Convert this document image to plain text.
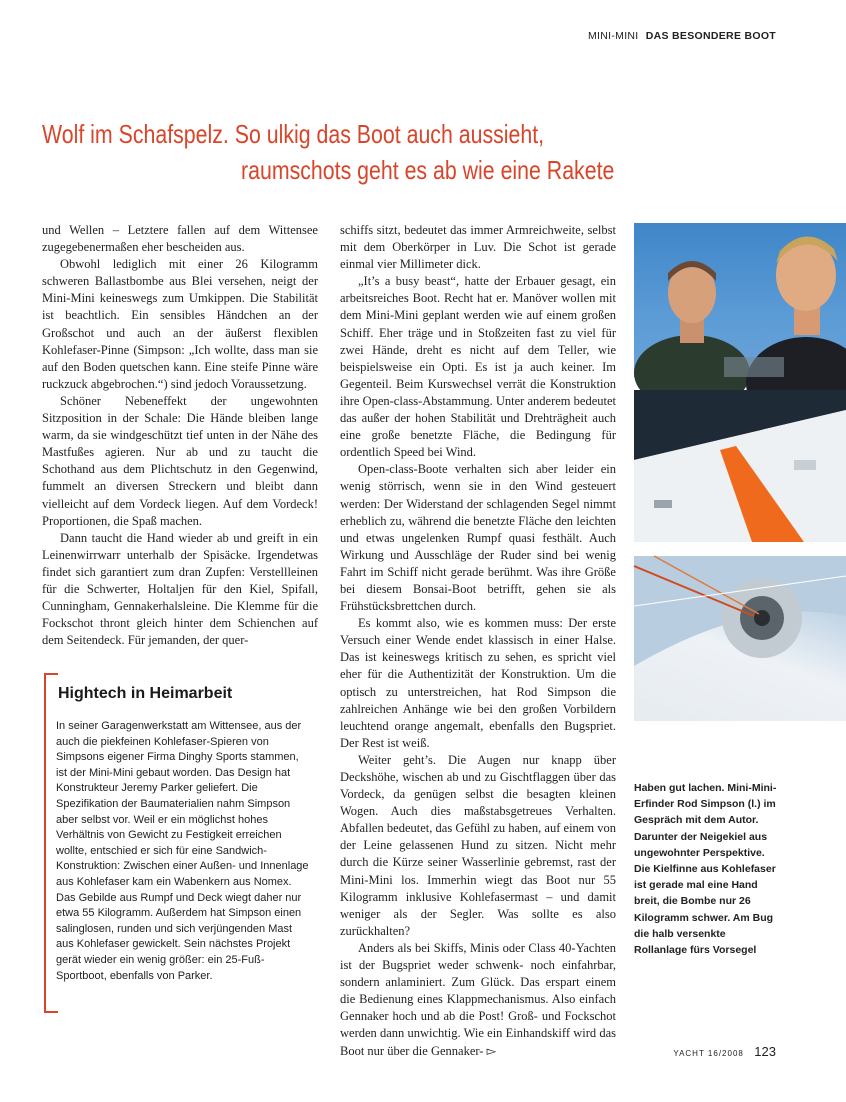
MINI-MINI DAS BESONDERE BOOT
Wolf im Schafspelz. So ulkig das Boot auch aussieht,
raumschots geht es ab wie eine Rakete

und Wellen – Letztere fallen auf dem Wittensee zugegebenermaßen eher bescheiden aus.

Obwohl lediglich mit einer 26 Kilogramm schweren Ballastbombe aus Blei versehen, neigt der Mini-Mini keineswegs zum Umkippen. Die Stabilität ist beachtlich. Ein sensibles Händchen an der Großschot und auch an der äußerst flexiblen Kohlefaser-Pinne (Simpson: „Ich wollte, dass man sie auf den Boden quetschen kann. Eine steife Pinne wäre ruckzuck abgebrochen.“) sind jedoch Voraussetzung.

Schöner Nebeneffekt der ungewohnten Sitzposition in der Schale: Die Hände bleiben lange warm, da sie windgeschützt tief unten in der Nähe des Mastfußes agieren. Nur ab und zu taucht die Schothand aus dem Plichtschutz in den Gegenwind, fummelt an diversen Streckern und bleibt dann vielleicht auf dem Vordeck liegen. Auf dem Vordeck! Proportionen, die Spaß machen.

Dann taucht die Hand wieder ab und greift in ein Leinenwirrwarr unterhalb der Spisäcke. Irgendetwas findet sich garantiert zum dran Zupfen: Verstellleinen für die Schwerter, Holtaljen für den Kiel, Spifall, Cunningham, Gennakerhalsleine. Die Klemme für die Fockschot thront gleich hinter dem Schienchen auf dem Seitendeck. Für jemanden, der quer-

schiffs sitzt, bedeutet das immer Armreichweite, selbst mit dem Oberkörper in Luv. Die Schot ist gerade einmal vier Millimeter dick.

„It’s a busy beast“, hatte der Erbauer gesagt, ein arbeitsreiches Boot. Recht hat er. Manöver wollen mit dem Mini-Mini geplant werden wie auf einem großen Schiff. Eher träge und in Stoßzeiten fast zu viel für zwei Hände, dreht es nicht auf dem Teller, wie beispielsweise ein Opti. Es ist ja auch keiner. Im Gegenteil. Beim Kurswechsel verrät die Konstruktion ihre Open-class-Abstammung. Unter anderem bedeutet das außer der hohen Stabilität und Drehträgheit auch eine große benetzte Fläche, die Bedingung für ordentlich Speed bei Wind.

Open-class-Boote verhalten sich aber leider ein wenig störrisch, wenn sie in den Wind gesteuert werden: Der Widerstand der schlagenden Segel nimmt erheblich zu, während die benetzte Fläche den leichten und etwas ungelenken Rumpf quasi festhält. Auch Wirkung und Ausschläge der Ruder sind bei wenig Fahrt im Schiff nicht gerade berühmt. Was ihre Größe bei diesem Bonsai-Boot betrifft, gehen sie als Frühstücksbrettchen durch.

Es kommt also, wie es kommen muss: Der erste Versuch einer Wende endet klassisch in einer Halse. Das ist keineswegs kritisch zu sehen, es spricht viel eher für die Authentizität der Konstruktion. Um die optisch zu unterstreichen, hat Rod Simpson die zahlreichen Anhänge wie bei den großen Vorbildern leuchtend orange angemalt, ebenfalls den Bugspriet. Der Rest ist weiß.

Weiter geht’s. Die Augen nur knapp über Deckshöhe, wischen ab und zu Gischtflaggen über das Vordeck, da genügen selbst die besagten kleinen Wogen. Auch dies maßstabsgetreues Verhalten. Abfallen bedeutet, das Gefühl zu haben, auf einem von der Leine gelassenen Hund zu sitzen. Nicht mehr durch die Kürze seiner Wasserlinie gebremst, rast der Mini-Mini los. Immerhin wiegt das Boot nur 55 Kilogramm inklusive Kohlefasermast – und damit weniger als der Segler. Was sollte es also zurückhalten?

Anders als bei Skiffs, Minis oder Class 40-Yachten ist der Bugspriet weder schwenk- noch einfahrbar, sondern anlaminiert. Zum Glück. Das erspart einem die Bedienung eines Klappmechanismus. Also einfach Gennaker hoch und ab die Post! Groß- und Fockschot werden dann unwichtig. Wie ein Einhandskiff wird das Boot nur über die Gennaker- ▻

Hightech in Heimarbeit
In seiner Garagenwerkstatt am Wittensee, aus der auch die piekfeinen Kohlefaser-Spieren von Simpsons eigener Firma Dinghy Sports stammen, ist der Mini-Mini gebaut worden. Das Design hat Konstrukteur Jeremy Parker geliefert. Die Spezifikation der Baumaterialien nahm Simpson aber selbst vor. Weil er ein möglichst hohes Verhältnis von Gewicht zu Festigkeit erreichen wollte, entschied er sich für eine Sandwich-Konstruktion: Zwischen einer Außen- und Innenlage aus Kohlefaser kam ein Wabenkern aus Nomex. Das Gebilde aus Rumpf und Deck wiegt daher nur etwa 55 Kilogramm. Außerdem hat Simpson einen salinglosen, runden und sich verjüngenden Mast aus Kohlefaser gewickelt. Sein nächstes Projekt gerät wieder ein wenig größer: ein 25-Fuß-Sportboot, ebenfalls von Parker.
Haben gut lachen. Mini-Mini-Erfinder Rod Simpson (l.) im Gespräch mit dem Autor. Darunter der Neigekiel aus ungewohnter Perspektive. Die Kielfinne aus Kohlefaser ist gerade mal eine Hand breit, die Bombe nur 26 Kilogramm schwer. Am Bug die halb versenkte Rollanlage fürs Vorsegel
YACHT 16/2008 123
